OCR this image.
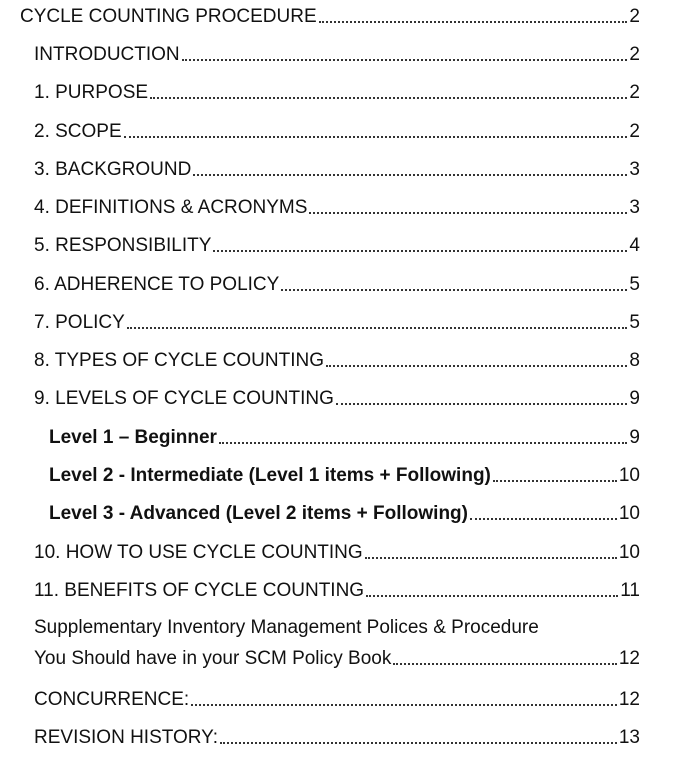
CYCLE COUNTING PROCEDURE	2
INTRODUCTION	2
1. PURPOSE	2
2. SCOPE	2
3. BACKGROUND	3
4. DEFINITIONS & ACRONYMS	3
5. RESPONSIBILITY	4
6. ADHERENCE TO POLICY	5
7. POLICY	5
8. TYPES OF CYCLE COUNTING	8
9. LEVELS OF CYCLE COUNTING	9
Level 1 – Beginner	9
Level 2 - Intermediate (Level 1 items + Following)	10
Level 3 - Advanced (Level 2 items + Following)	10
10. HOW TO USE CYCLE COUNTING	10
11. BENEFITS OF CYCLE COUNTING	11
Supplementary Inventory Management Polices & Procedure
You Should have in your SCM Policy Book	12
CONCURRENCE:	12
REVISION HISTORY:	13
